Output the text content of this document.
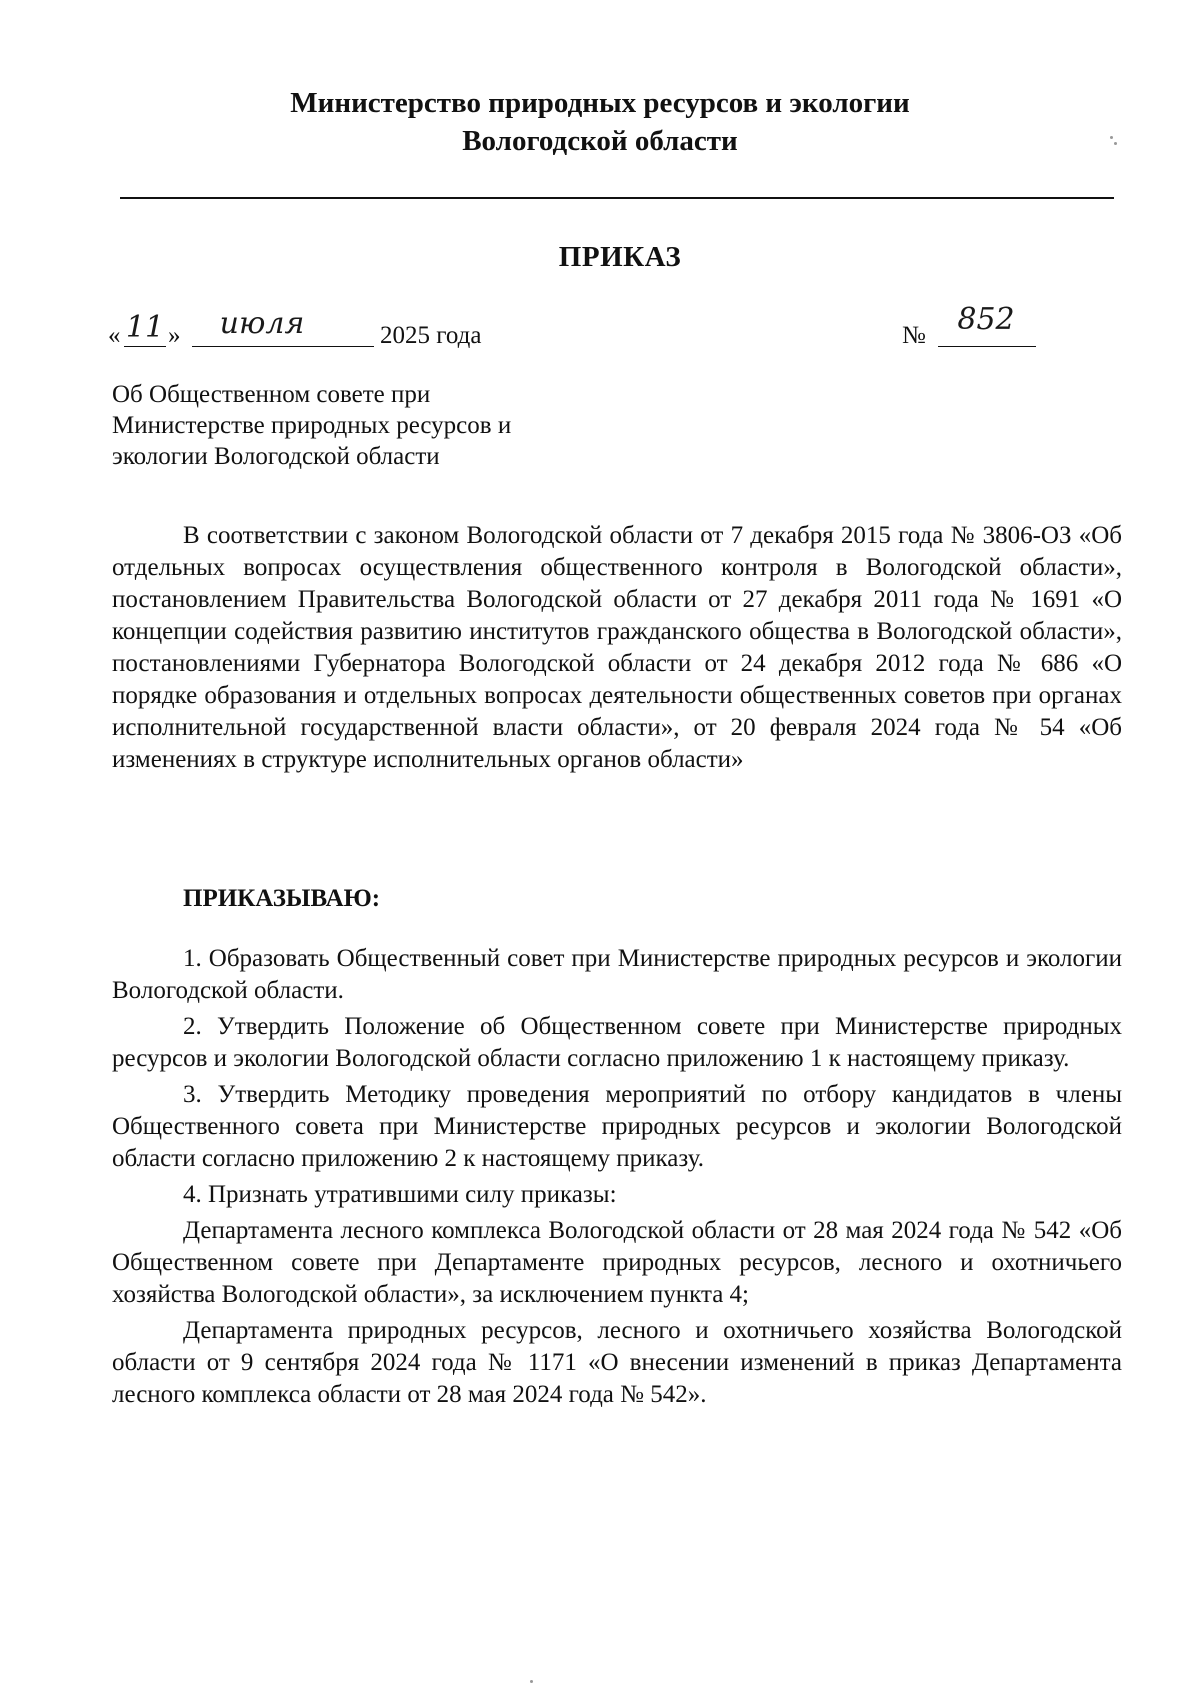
Министерство природных ресурсов и экологии
Вологодской области
ПРИКАЗ
« 11 »	июля	2025 года	№	852
Об Общественном совете при Министерстве природных ресурсов и экологии Вологодской области

В соответствии с законом Вологодской области от 7 декабря 2015 года № 3806-ОЗ «Об отдельных вопросах осуществления общественного контроля в Вологодской области», постановлением Правительства Вологодской области от 27 декабря 2011 года № 1691 «О концепции содействия развитию институтов гражданского общества в Вологодской области», постановлениями Губернатора Вологодской области от 24 декабря 2012 года № 686 «О порядке образования и отдельных вопросах деятельности общественных советов при органах исполнительной государственной власти области», от 20 февраля 2024 года № 54 «Об изменениях в структуре исполнительных органов области»

ПРИКАЗЫВАЮ:

1. Образовать Общественный совет при Министерстве природных ресурсов и экологии Вологодской области.

2. Утвердить Положение об Общественном совете при Министерстве природных ресурсов и экологии Вологодской области согласно приложению 1 к настоящему приказу.

3. Утвердить Методику проведения мероприятий по отбору кандидатов в члены Общественного совета при Министерстве природных ресурсов и экологии Вологодской области согласно приложению 2 к настоящему приказу.

4. Признать утратившими силу приказы:

Департамента лесного комплекса Вологодской области от 28 мая 2024 года № 542 «Об Общественном совете при Департаменте природных ресурсов, лесного и охотничьего хозяйства Вологодской области», за исключением пункта 4;

Департамента природных ресурсов, лесного и охотничьего хозяйства Вологодской области от 9 сентября 2024 года № 1171 «О внесении изменений в приказ Департамента лесного комплекса области от 28 мая 2024 года № 542».
